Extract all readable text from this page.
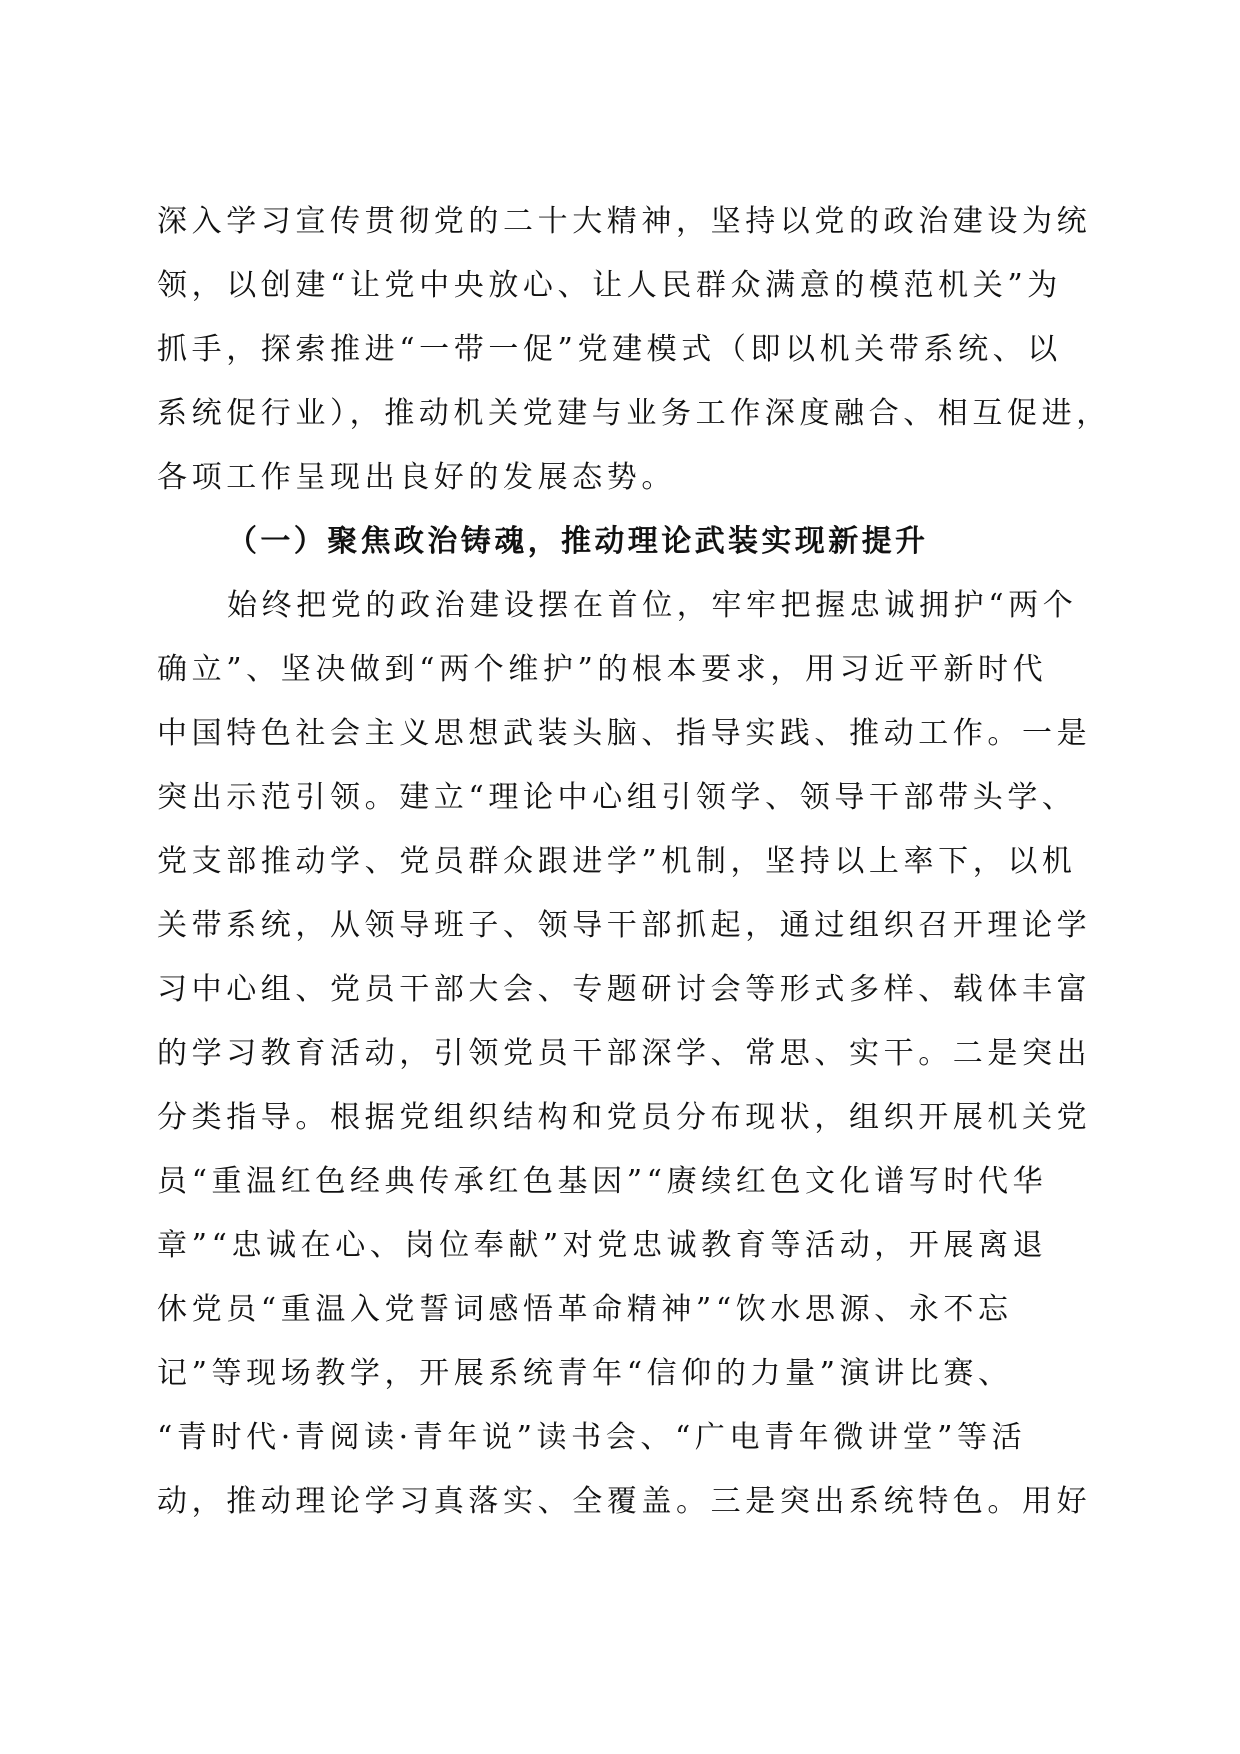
深入学习宣传贯彻党的二十大精神，坚持以党的政治建设为统
领，以创建“让党中央放心、让人民群众满意的模范机关”为
抓手，探索推进“一带一促”党建模式（即以机关带系统、以
系统促行业），推动机关党建与业务工作深度融合、相互促进，
各项工作呈现出良好的发展态势。
（一）聚焦政治铸魂，推动理论武装实现新提升
始终把党的政治建设摆在首位，牢牢把握忠诚拥护“两个
确立”、坚决做到“两个维护”的根本要求，用习近平新时代
中国特色社会主义思想武装头脑、指导实践、推动工作。一是
突出示范引领。建立“理论中心组引领学、领导干部带头学、
党支部推动学、党员群众跟进学”机制，坚持以上率下，以机
关带系统，从领导班子、领导干部抓起，通过组织召开理论学
习中心组、党员干部大会、专题研讨会等形式多样、载体丰富
的学习教育活动，引领党员干部深学、常思、实干。二是突出
分类指导。根据党组织结构和党员分布现状，组织开展机关党
员“重温红色经典传承红色基因”“赓续红色文化谱写时代华
章”“忠诚在心、岗位奉献”对党忠诚教育等活动，开展离退
休党员“重温入党誓词感悟革命精神”“饮水思源、永不忘
记”等现场教学，开展系统青年“信仰的力量”演讲比赛、
“青时代·青阅读·青年说”读书会、“广电青年微讲堂”等活
动，推动理论学习真落实、全覆盖。三是突出系统特色。用好
